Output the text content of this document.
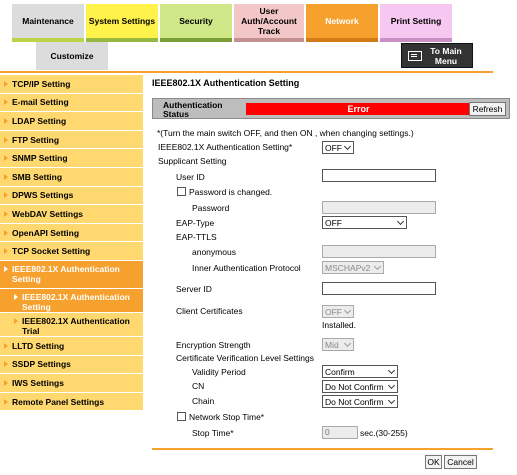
Maintenance System Settings	Security
User Auth/Account Track
Network	Print Setting
Customize
To Main Menu
TCP/IP Setting
E-mail Setting
LDAP Setting
FTP Setting
SNMP Setting
SMB Setting
DPWS Settings
WebDAV Settings
OpenAPI Setting
TCP Socket Setting
IEEE802.1X Authentication Setting
IEEE802.1X Authentication Setting
IEEE802.1X Authentication Trial
LLTD Setting
SSDP Settings
IWS Settings
Remote Panel Settings
IEEE802.1X Authentication Setting
Authentication Status	Error	Refresh
*(Turn the main switch OFF, and then ON , when changing settings.)
IEEE802.1X Authentication Setting*	OFF
Supplicant Setting
User ID
Password is changed.
Password
EAP-Type	OFF
EAP-TTLS
anonymous
Inner Authentication Protocol	MSCHAPv2
Server ID
Client Certificates	OFF
Installed.
Encryption Strength	Mid
Certificate Verification Level Settings
Validity Period	Confirm
CN	Do Not Confirm
Chain	Do Not Confirm
Network Stop Time*
Stop Time*	0	sec.(30-255)
OK Cancel
